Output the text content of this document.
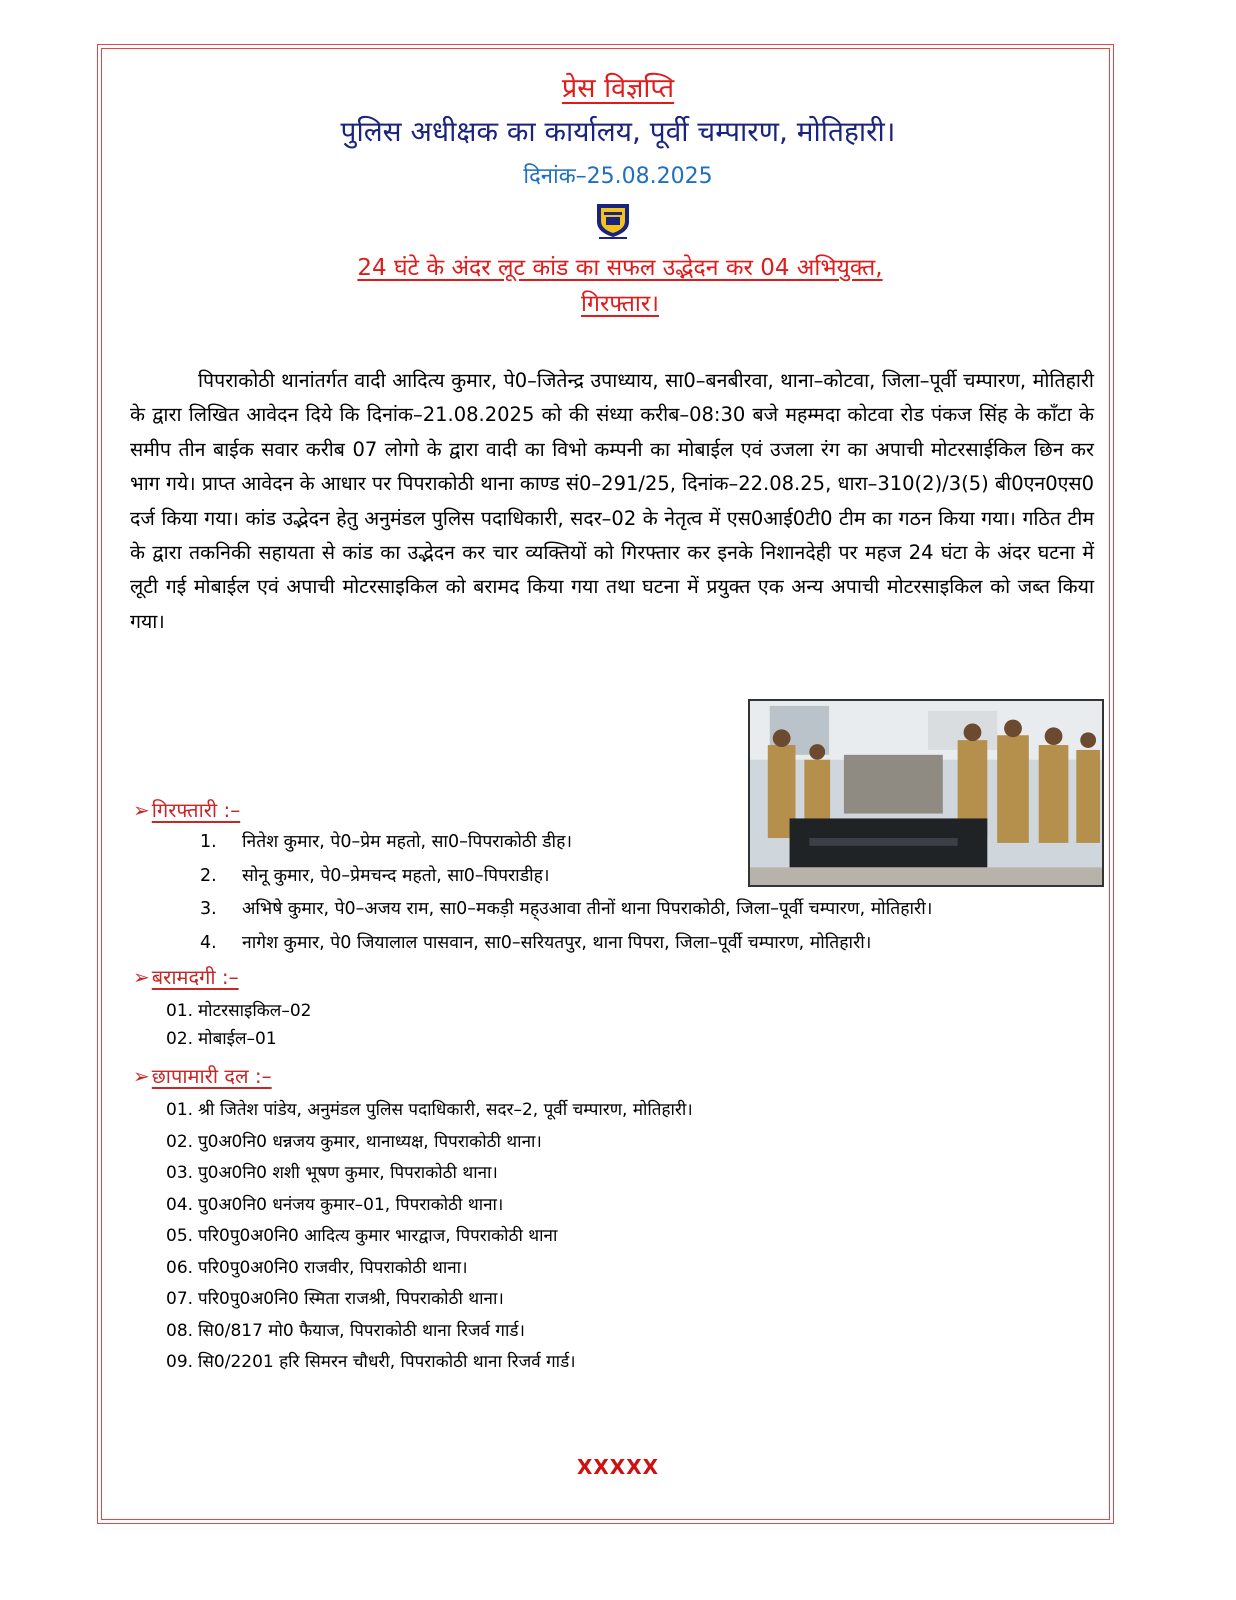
प्रेस विज्ञप्ति
पुलिस अधीक्षक का कार्यालय, पूर्वी चम्पारण, मोतिहारी।
दिनांक–25.08.2025
24 घंटे के अंदर लूट कांड का सफल उद्भेदन कर 04 अभियुक्त,
गिरफ्तार।
पिपराकोठी थानांतर्गत वादी आदित्य कुमार, पे0–जितेन्द्र उपाध्याय, सा0–बनबीरवा, थाना–कोटवा, जिला–पूर्वी चम्पारण, मोतिहारी के द्वारा लिखित आवेदन दिये कि दिनांक–21.08.2025 को की संध्या करीब–08:30 बजे महम्मदा कोटवा रोड पंकज सिंह के काँटा के समीप तीन बाईक सवार करीब 07 लोगो के द्वारा वादी का विभो कम्पनी का मोबाईल एवं उजला रंग का अपाची मोटरसाईकिल छिन कर भाग गये। प्राप्त आवेदन के आधार पर पिपराकोठी थाना काण्ड सं0–291/25, दिनांक–22.08.25, धारा–310(2)/3(5) बी0एन0एस0 दर्ज किया गया। कांड उद्भेदन हेतु अनुमंडल पुलिस पदाधिकारी, सदर–02 के नेतृत्व में एस0आई0टी0 टीम का गठन किया गया। गठित टीम के द्वारा तकनिकी सहायता से कांड का उद्भेदन कर चार व्यक्तियों को गिरफ्तार कर इनके निशानदेही पर महज 24 घंटा के अंदर घटना में लूटी गई मोबाईल एवं अपाची मोटरसाइकिल को बरामद किया गया तथा घटना में प्रयुक्त एक अन्य अपाची मोटरसाइकिल को जब्त किया गया।
➢ गिरफ्तारी :–
1. नितेश कुमार, पे0–प्रेम महतो, सा0–पिपराकोठी डीह।
2. सोनू कुमार, पे0–प्रेमचन्द महतो, सा0–पिपराडीह।
3. अभिषे कुमार, पे0–अजय राम, सा0–मकड़ी मह्उआवा तीनों थाना पिपराकोठी, जिला–पूर्वी चम्पारण, मोतिहारी।
4. नागेश कुमार, पे0 जियालाल पासवान, सा0–सरियतपुर, थाना पिपरा, जिला–पूर्वी चम्पारण, मोतिहारी।
➢ बरामदगी :–
01. मोटरसाइकिल–02
02. मोबाईल–01
➢ छापामारी दल :–
01. श्री जितेश पांडेय, अनुमंडल पुलिस पदाधिकारी, सदर–2, पूर्वी चम्पारण, मोतिहारी।
02. पु0अ0नि0 धन्नजय कुमार, थानाध्यक्ष, पिपराकोठी थाना।
03. पु0अ0नि0 शशी भूषण कुमार, पिपराकोठी थाना।
04. पु0अ0नि0 धनंजय कुमार–01, पिपराकोठी थाना।
05. परि0पु0अ0नि0 आदित्य कुमार भारद्वाज, पिपराकोठी थाना
06. परि0पु0अ0नि0 राजवीर, पिपराकोठी थाना।
07. परि0पु0अ0नि0 स्मिता राजश्री, पिपराकोठी थाना।
08. सि0/817 मो0 फैयाज, पिपराकोठी थाना रिजर्व गार्ड।
09. सि0/2201 हरि सिमरन चौधरी, पिपराकोठी थाना रिजर्व गार्ड।
XXXXX
